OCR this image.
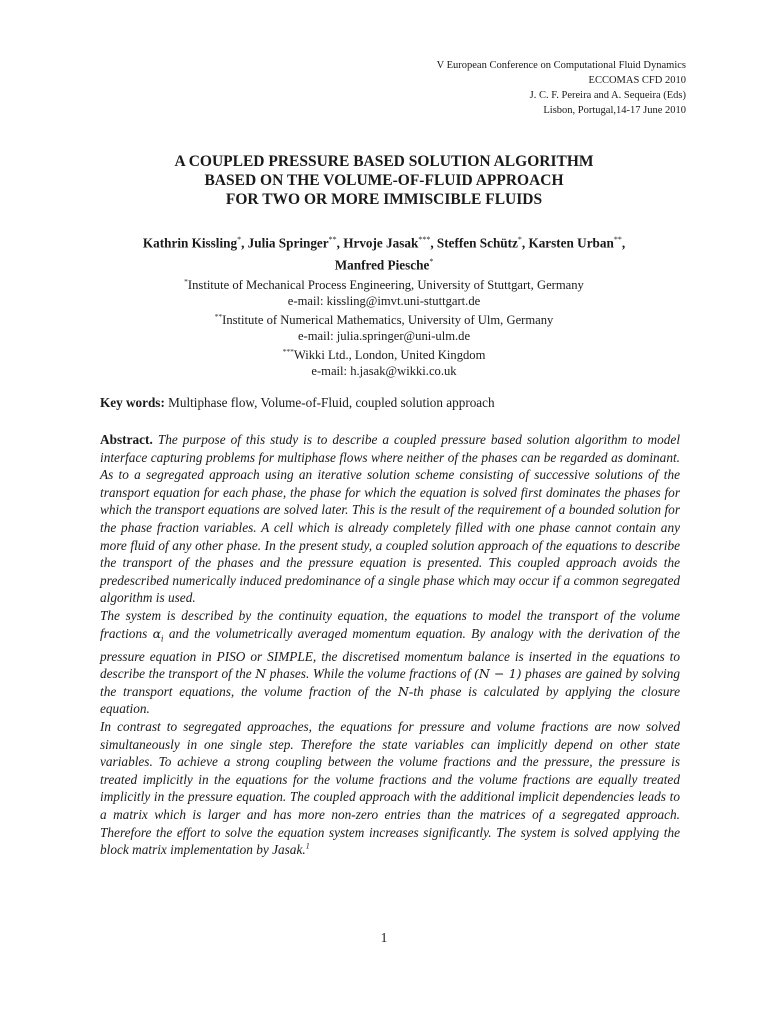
V European Conference on Computational Fluid Dynamics
ECCOMAS CFD 2010
J. C. F. Pereira and A. Sequeira (Eds)
Lisbon, Portugal,14-17 June 2010
A COUPLED PRESSURE BASED SOLUTION ALGORITHM
BASED ON THE VOLUME-OF-FLUID APPROACH
FOR TWO OR MORE IMMISCIBLE FLUIDS
Kathrin Kissling*, Julia Springer**, Hrvoje Jasak***, Steffen Schütz*, Karsten Urban**,
Manfred Piesche*
*Institute of Mechanical Process Engineering, University of Stuttgart, Germany
e-mail: kissling@imvt.uni-stuttgart.de
**Institute of Numerical Mathematics, University of Ulm, Germany
e-mail: julia.springer@uni-ulm.de
***Wikki Ltd., London, United Kingdom
e-mail: h.jasak@wikki.co.uk
Key words: Multiphase flow, Volume-of-Fluid, coupled solution approach

Abstract. The purpose of this study is to describe a coupled pressure based solution algorithm to model interface capturing problems for multiphase flows where neither of the phases can be regarded as dominant. As to a segregated approach using an iterative solution scheme consisting of successive solutions of the transport equation for each phase, the phase for which the equation is solved first dominates the phases for which the transport equations are solved later. This is the result of the requirement of a bounded solution for the phase fraction variables. A cell which is already completely filled with one phase cannot contain any more fluid of any other phase. In the present study, a coupled solution approach of the equations to describe the transport of the phases and the pressure equation is presented. This coupled approach avoids the predescribed numerically induced predominance of a single phase which may occur if a common segregated algorithm is used.

The system is described by the continuity equation, the equations to model the transport of the volume fractions $\alpha_i$ and the volumetrically averaged momentum equation. By analogy with the derivation of the pressure equation in PISO or SIMPLE, the discretised momentum balance is inserted in the equations to describe the transport of the N phases. While the volume fractions of (N − 1) phases are gained by solving the transport equations, the volume fraction of the N-th phase is calculated by applying the closure equation.

In contrast to segregated approaches, the equations for pressure and volume fractions are now solved simultaneously in one single step. Therefore the state variables can implicitly depend on other state variables. To achieve a strong coupling between the volume fractions and the pressure, the pressure is treated implicitly in the equations for the volume fractions and the volume fractions are equally treated implicitly in the pressure equation. The coupled approach with the additional implicit dependencies leads to a matrix which is larger and has more non-zero entries than the matrices of a segregated approach. Therefore the effort to solve the equation system increases significantly. The system is solved applying the block matrix implementation by Jasak.$^1$

1
